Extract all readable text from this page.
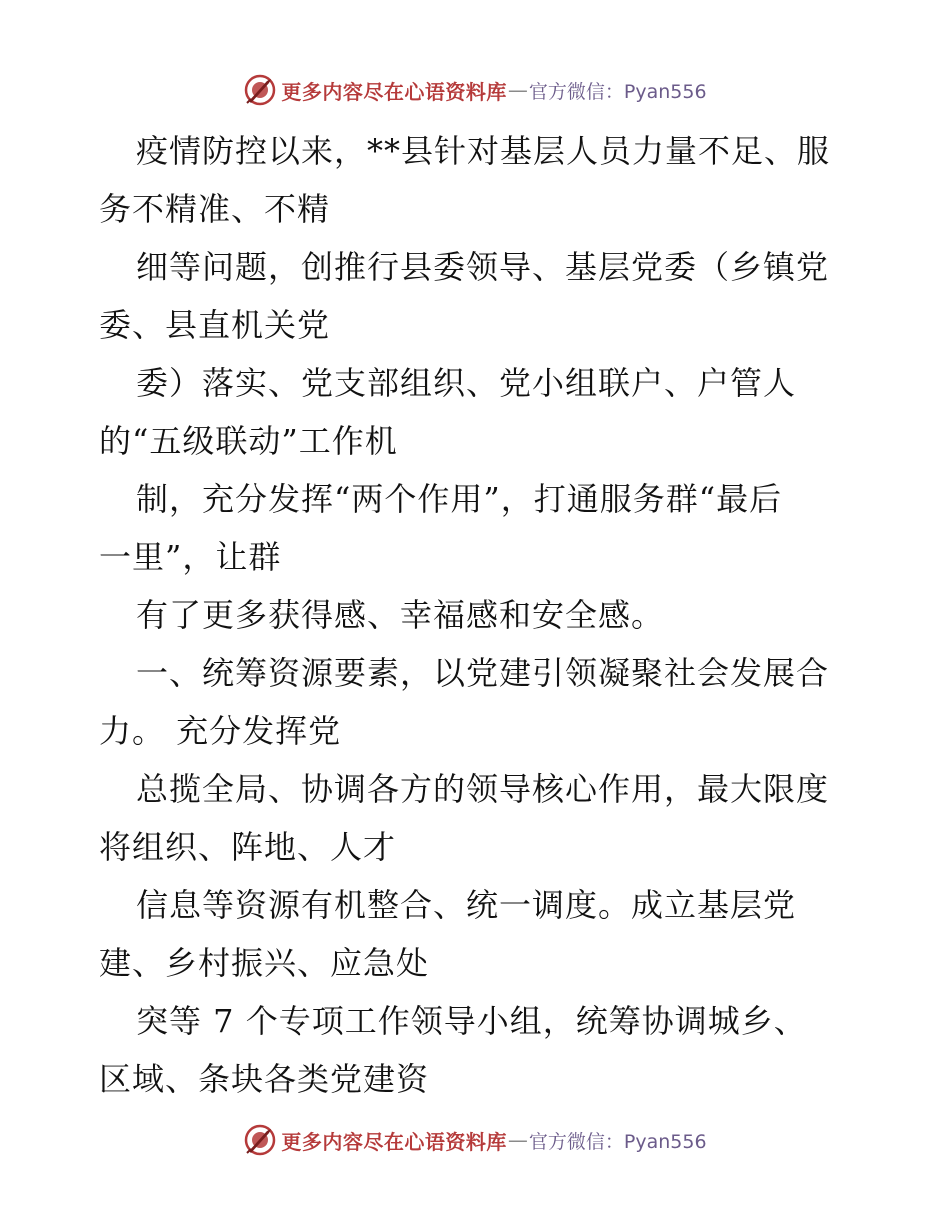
更多内容尽在心语资料库 — 官方微信：Pyan556
疫情防控以来，**县针对基层人员力量不足、服
务不精准、不精
细等问题，创推行县委领导、基层党委（乡镇党
委、县直机关党
委）落实、党支部组织、党小组联户、户管人
的“五级联动”工作机
制，充分发挥“两个作用”，打通服务群“最后
一里”，让群
有了更多获得感、幸福感和安全感。
一、统筹资源要素，以党建引领凝聚社会发展合
力。 充分发挥党
总揽全局、协调各方的领导核心作用，最大限度
将组织、阵地、人才
信息等资源有机整合、统一调度。成立基层党
建、乡村振兴、应急处
突等 7 个专项工作领导小组，统筹协调城乡、
区域、条块各类党建资
更多内容尽在心语资料库 — 官方微信：Pyan556
